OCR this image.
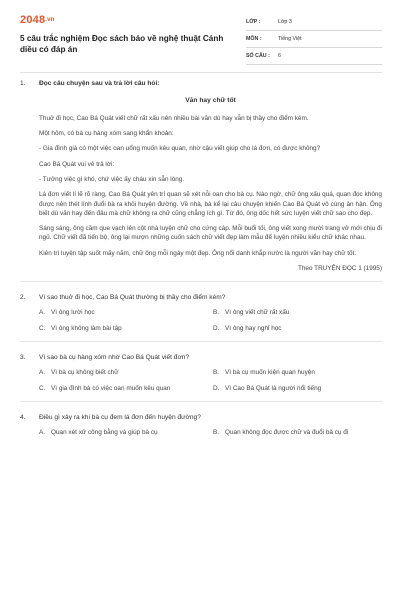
2048.vn
5 câu trắc nghiệm Đọc sách báo về nghệ thuật Cánh diều có đáp án
LỚP :	Lớp 3
MÔN :	Tiếng Việt
SỐ CÂU :	6
1. Đọc câu chuyện sau và trả lời câu hỏi:
Văn hay chữ tốt

Thuở đi học, Cao Bá Quát viết chữ rất xấu nên nhiều bài văn dù hay vẫn bị thầy cho điểm kém.

Một hôm, có bà cụ hàng xóm sang khẩn khoản:

- Gia đình già có một việc oan uổng muốn kêu quan, nhờ cậu viết giúp cho lá đơn, có được không?

Cao Bá Quát vui vẻ trả lời:

- Tưởng việc gì khó, chứ việc ấy cháu xin sẵn lòng.

Lá đơn viết lí lẽ rõ ràng, Cao Bá Quát yên trí quan sẽ xét nỗi oan cho bà cụ. Nào ngờ, chữ ông xấu quá, quan đọc không được nên thét lính đuổi bà ra khỏi huyện đường. Về nhà, bà kể lại câu chuyện khiến Cao Bá Quát vô cùng ân hận. Ông biết dù văn hay đến đâu mà chữ không ra chữ cũng chẳng ích gì. Từ đó, ông dốc hết sức luyện viết chữ sao cho đẹp.

Sáng sáng, ông cầm que vạch lên cột nhà luyện chữ cho cứng cáp. Mỗi buổi tối, ông viết xong mười trang vở mới chịu đi ngủ. Chữ viết đã tiến bộ, ông lại mượn những cuốn sách chữ viết đẹp làm mẫu để luyện nhiều kiểu chữ khác nhau.

Kiên trì luyện tập suốt mấy năm, chữ ông mỗi ngày một đẹp. Ông nổi danh khắp nước là người văn hay chữ tốt.

Theo TRUYỆN ĐỌC 1 (1995)
2. Vì sao thuở đi học, Cao Bá Quát thường bị thầy cho điểm kém?
A. Vì ông lười học	B. Vì ông viết chữ rất xấu
C. Vì ông không làm bài tập	D. Vì ông hay nghỉ học
3. Vì sao bà cụ hàng xóm nhờ Cao Bá Quát viết đơn?
A. Vì bà cụ không biết chữ	B. Vì bà cụ muốn kiện quan huyện
C. Vì gia đình bà có việc oan muốn kêu quan	D. Vì Cao Bá Quát là người nổi tiếng
4. Điều gì xảy ra khi bà cụ đem lá đơn đến huyện đường?
A. Quan xét xử công bằng và giúp bà cụ	B. Quan không đọc được chữ và đuổi bà cụ đi
